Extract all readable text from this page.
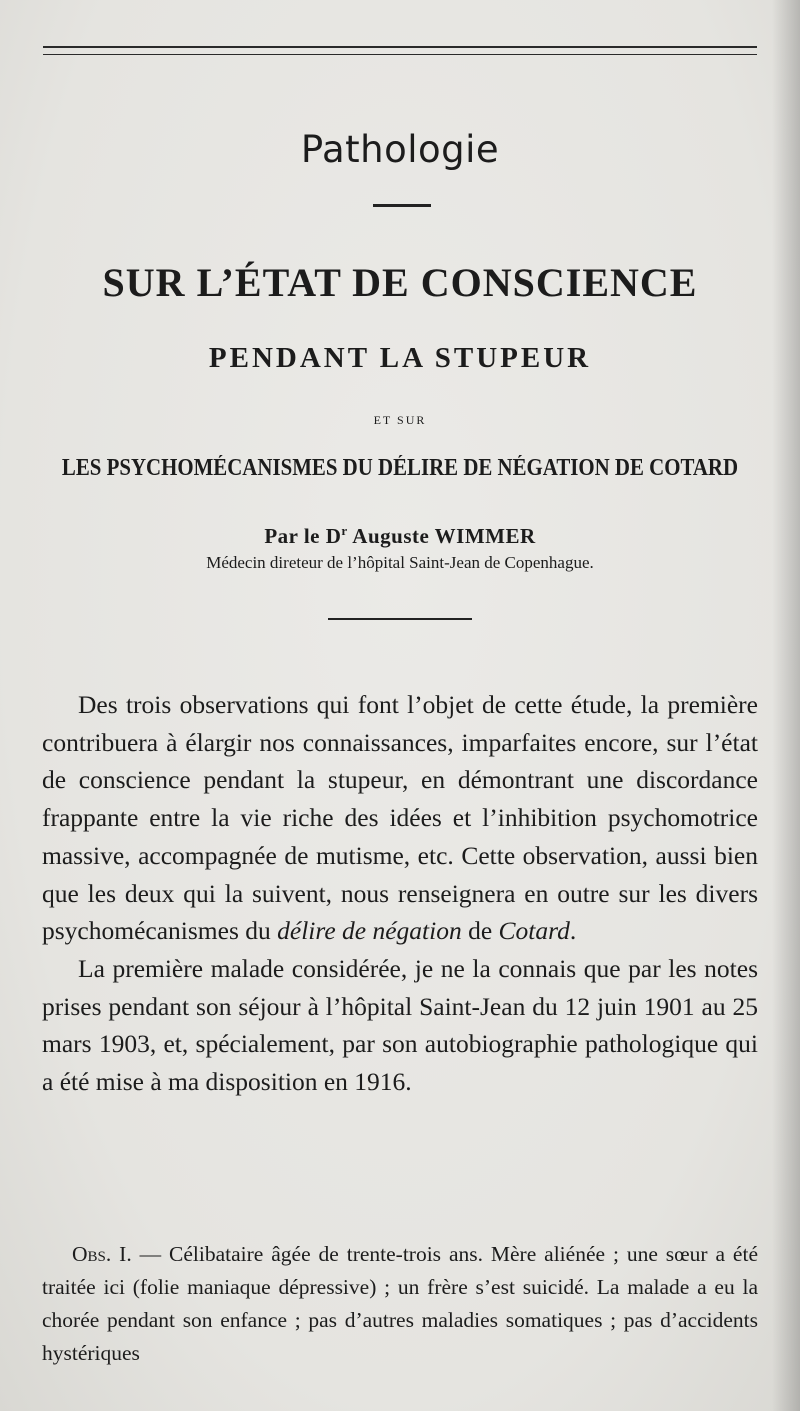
Pathologie
SUR L’ÉTAT DE CONSCIENCE
PENDANT LA STUPEUR
ET SUR
LES PSYCHOMÉCANISMES DU DÉLIRE DE NÉGATION DE COTARD
Par le $D^r$ Auguste WIMMER
Médecin direteur de l’hôpital Saint-Jean de Copenhague.

Des trois observations qui font l’objet de cette étude, la première contribuera à élargir nos connaissances, imparfaites encore, sur l’état de conscience pendant la stupeur, en démontrant une discordance frappante entre la vie riche des idées et l’inhibition psychomotrice massive, accompagnée de mutisme, etc. Cette observation, aussi bien que les deux qui la suivent, nous renseignera en outre sur les divers psychomécanismes du délire de négation de Cotard.

La première malade considérée, je ne la connais que par les notes prises pendant son séjour à l’hôpital Saint-Jean du 12 juin 1901 au 25 mars 1903, et, spécialement, par son autobiographie pathologique qui a été mise à ma disposition en 1916.

Obs. I. — Célibataire âgée de trente-trois ans. Mère aliénée ; une sœur a été traitée ici (folie maniaque dépressive) ; un frère s’est suicidé. La malade a eu la chorée pendant son enfance ; pas d’autres maladies somatiques ; pas d’accidents hystériques
